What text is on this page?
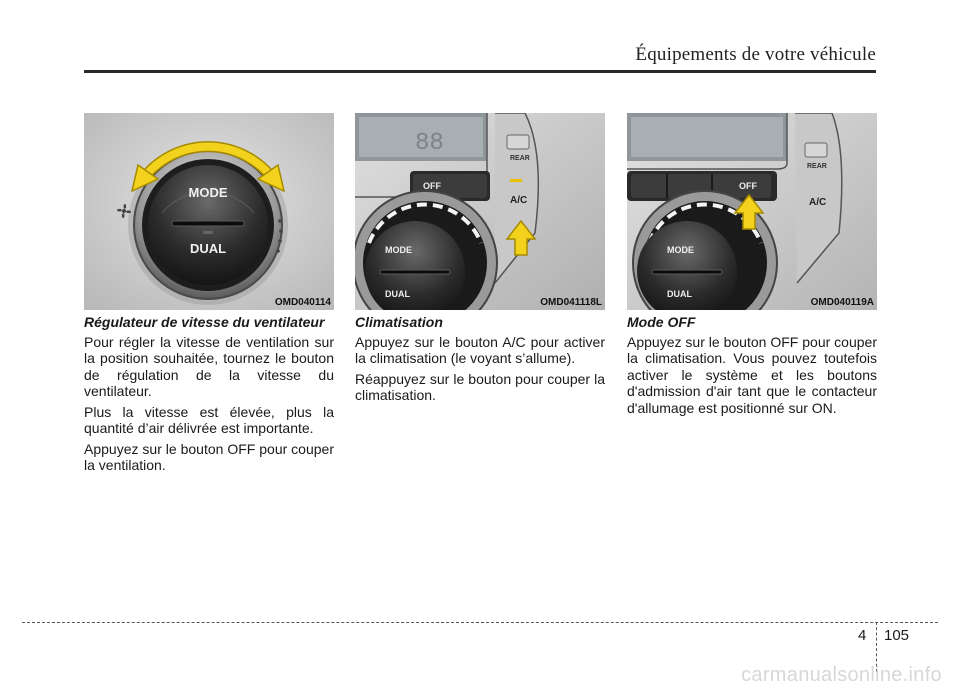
Équipements de votre véhicule
MODE
DUAL
OMD040114
88
OFF
REAR
A/C
MODE
DUAL
OMD041118L
OFF
REAR
A/C
MODE
DUAL
OMD040119A
Régulateur de vitesse du ventilateur

Pour régler la vitesse de ventilation sur la position souhaitée, tournez le bouton de régulation de la vitesse du ventilateur.

Plus la vitesse est élevée, plus la quantité d’air délivrée est importante.

Appuyez sur le bouton OFF pour couper la ventilation.

Climatisation

Appuyez sur le bouton A/C pour activer la climatisation (le voyant s’allume).

Réappuyez sur le bouton pour couper la climatisation.

Mode OFF

Appuyez sur le bouton OFF pour couper la climatisation. Vous pouvez toutefois activer le système et les boutons d'admission d'air tant que le contacteur d'allumage est positionné sur ON.

4 105
carmanualsonline.info
